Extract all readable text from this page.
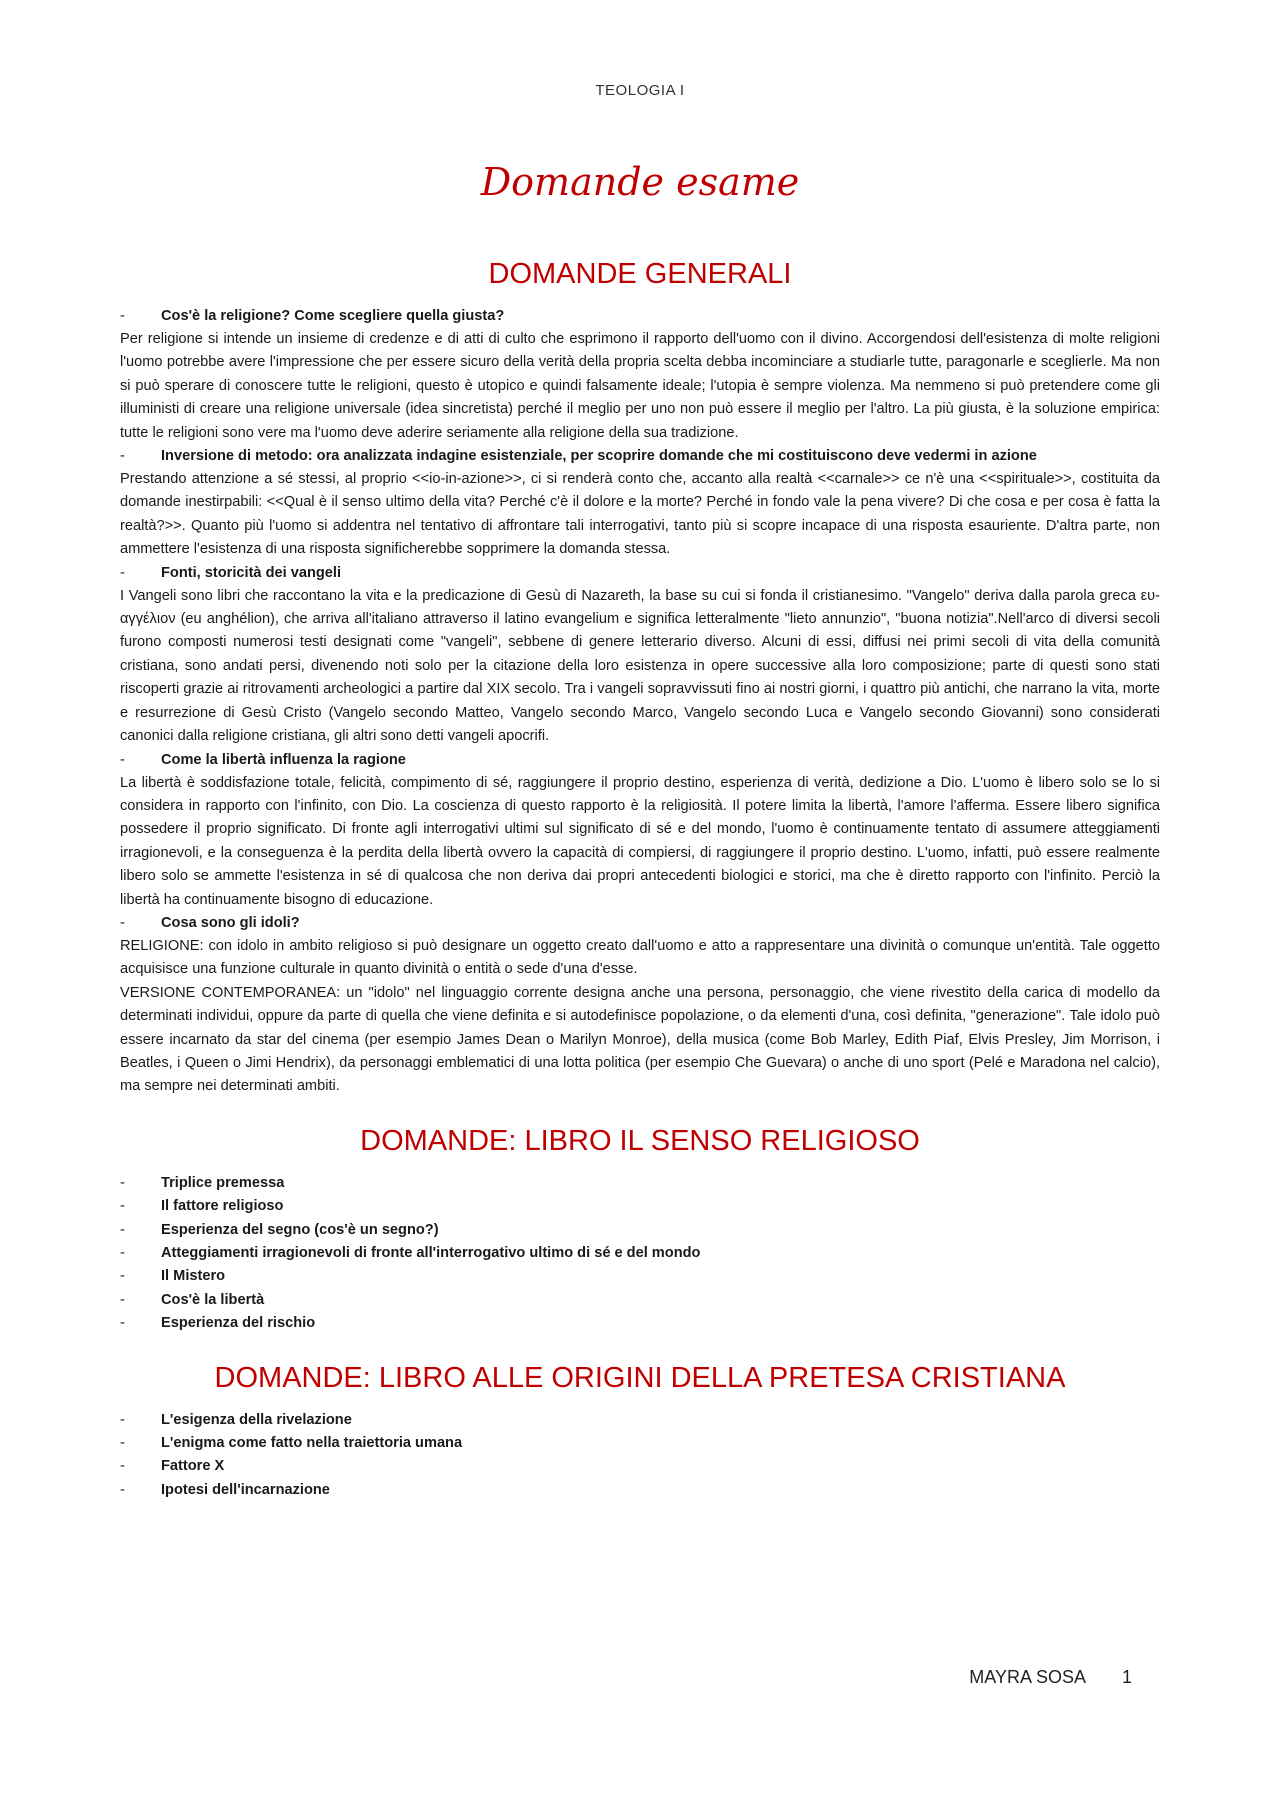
TEOLOGIA I
Domande esame
DOMANDE GENERALI
- Cos'è la religione? Come scegliere quella giusta?
Per religione si intende un insieme di credenze e di atti di culto che esprimono il rapporto dell'uomo con il divino. Accorgendosi dell'esistenza di molte religioni l'uomo potrebbe avere l'impressione che per essere sicuro della verità della propria scelta debba incominciare a studiarle tutte, paragonarle e sceglierle. Ma non si può sperare di conoscere tutte le religioni, questo è utopico e quindi falsamente ideale; l'utopia è sempre violenza. Ma nemmeno si può pretendere come gli illuministi di creare una religione universale (idea sincretista) perché il meglio per uno non può essere il meglio per l'altro. La più giusta, è la soluzione empirica: tutte le religioni sono vere ma l'uomo deve aderire seriamente alla religione della sua tradizione.
- Inversione di metodo: ora analizzata indagine esistenziale, per scoprire domande che mi costituiscono deve vedermi in azione
Prestando attenzione a sé stessi, al proprio <<io-in-azione>>, ci si renderà conto che, accanto alla realtà <<carnale>> ce n'è una <<spirituale>>, costituita da domande inestirpabili: <<Qual è il senso ultimo della vita? Perché c'è il dolore e la morte? Perché in fondo vale la pena vivere? Di che cosa e per cosa è fatta la realtà?>>. Quanto più l'uomo si addentra nel tentativo di affrontare tali interrogativi, tanto più si scopre incapace di una risposta esauriente. D'altra parte, non ammettere l'esistenza di una risposta significherebbe sopprimere la domanda stessa.
- Fonti, storicità dei vangeli
I Vangeli sono libri che raccontano la vita e la predicazione di Gesù di Nazareth, la base su cui si fonda il cristianesimo. "Vangelo" deriva dalla parola greca ευ-αγγέλιον (eu anghélion), che arriva all'italiano attraverso il latino evangelium e significa letteralmente "lieto annunzio", "buona notizia".Nell'arco di diversi secoli furono composti numerosi testi designati come "vangeli", sebbene di genere letterario diverso. Alcuni di essi, diffusi nei primi secoli di vita della comunità cristiana, sono andati persi, divenendo noti solo per la citazione della loro esistenza in opere successive alla loro composizione; parte di questi sono stati riscoperti grazie ai ritrovamenti archeologici a partire dal XIX secolo. Tra i vangeli sopravvissuti fino ai nostri giorni, i quattro più antichi, che narrano la vita, morte e resurrezione di Gesù Cristo (Vangelo secondo Matteo, Vangelo secondo Marco, Vangelo secondo Luca e Vangelo secondo Giovanni) sono considerati canonici dalla religione cristiana, gli altri sono detti vangeli apocrifi.
- Come la libertà influenza la ragione
La libertà è soddisfazione totale, felicità, compimento di sé, raggiungere il proprio destino, esperienza di verità, dedizione a Dio. L'uomo è libero solo se lo si considera in rapporto con l'infinito, con Dio. La coscienza di questo rapporto è la religiosità. Il potere limita la libertà, l'amore l'afferma. Essere libero significa possedere il proprio significato. Di fronte agli interrogativi ultimi sul significato di sé e del mondo, l'uomo è continuamente tentato di assumere atteggiamenti irragionevoli, e la conseguenza è la perdita della libertà ovvero la capacità di compiersi, di raggiungere il proprio destino. L'uomo, infatti, può essere realmente libero solo se ammette l'esistenza in sé di qualcosa che non deriva dai propri antecedenti biologici e storici, ma che è diretto rapporto con l'infinito. Perciò la libertà ha continuamente bisogno di educazione.
- Cosa sono gli idoli?
RELIGIONE: con idolo in ambito religioso si può designare un oggetto creato dall'uomo e atto a rappresentare una divinità o comunque un'entità. Tale oggetto acquisisce una funzione culturale in quanto divinità o entità o sede d'una d'esse.
VERSIONE CONTEMPORANEA: un "idolo" nel linguaggio corrente designa anche una persona, personaggio, che viene rivestito della carica di modello da determinati individui, oppure da parte di quella che viene definita e si autodefinisce popolazione, o da elementi d'una, così definita, "generazione". Tale idolo può essere incarnato da star del cinema (per esempio James Dean o Marilyn Monroe), della musica (come Bob Marley, Edith Piaf, Elvis Presley, Jim Morrison, i Beatles, i Queen o Jimi Hendrix), da personaggi emblematici di una lotta politica (per esempio Che Guevara) o anche di uno sport (Pelé e Maradona nel calcio), ma sempre nei determinati ambiti.
DOMANDE: LIBRO IL SENSO RELIGIOSO
- Triplice premessa
- Il fattore religioso
- Esperienza del segno (cos'è un segno?)
- Atteggiamenti irragionevoli di fronte all'interrogativo ultimo di sé e del mondo
- Il Mistero
- Cos'è la libertà
- Esperienza del rischio
DOMANDE: LIBRO ALLE ORIGINI DELLA PRETESA CRISTIANA
- L'esigenza della rivelazione
- L'enigma come fatto nella traiettoria umana
- Fattore X
- Ipotesi dell'incarnazione
MAYRA SOSA 1
